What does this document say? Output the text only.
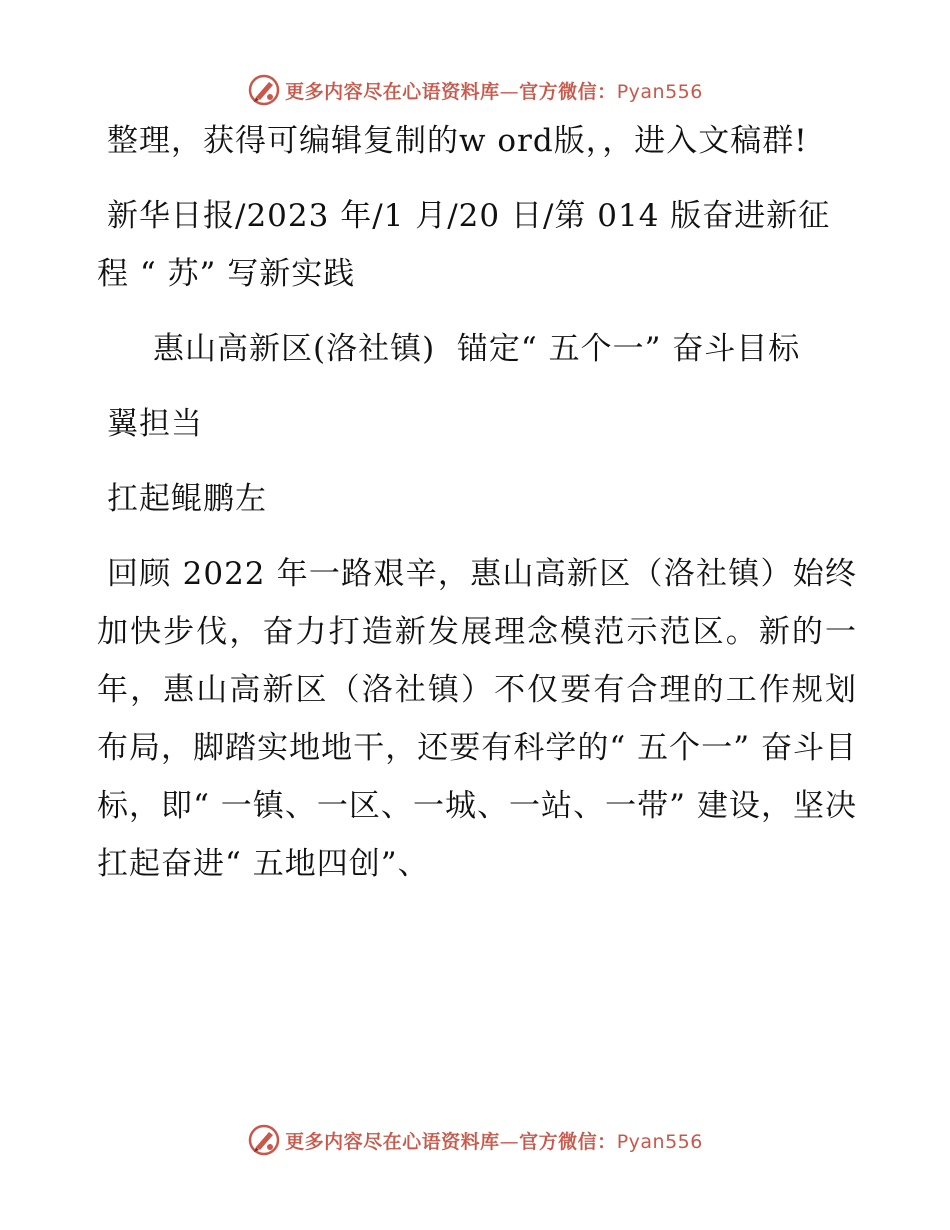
更多内容尽在心语资料库—官方微信：Pyan556

整理，获得可编辑复制的w ord版，，进入文稿群!

新华日报/2023 年/1 月/20 日/第 014 版奋进新征程 “ 苏” 写新实践

惠山高新区(洛社镇)  锚定“ 五个一” 奋斗目标

翼担当

扛起鲲鹏左

回顾 2022 年一路艰辛，惠山高新区（洛社镇）始终加快步伐，奋力打造新发展理念模范示范区。新的一年，惠山高新区（洛社镇）不仅要有合理的工作规划布局，脚踏实地地干，还要有科学的“ 五个一” 奋斗目标，即“ 一镇、一区、一城、一站、一带” 建设，坚决扛起奋进“ 五地四创”、

更多内容尽在心语资料库—官方微信：Pyan556
